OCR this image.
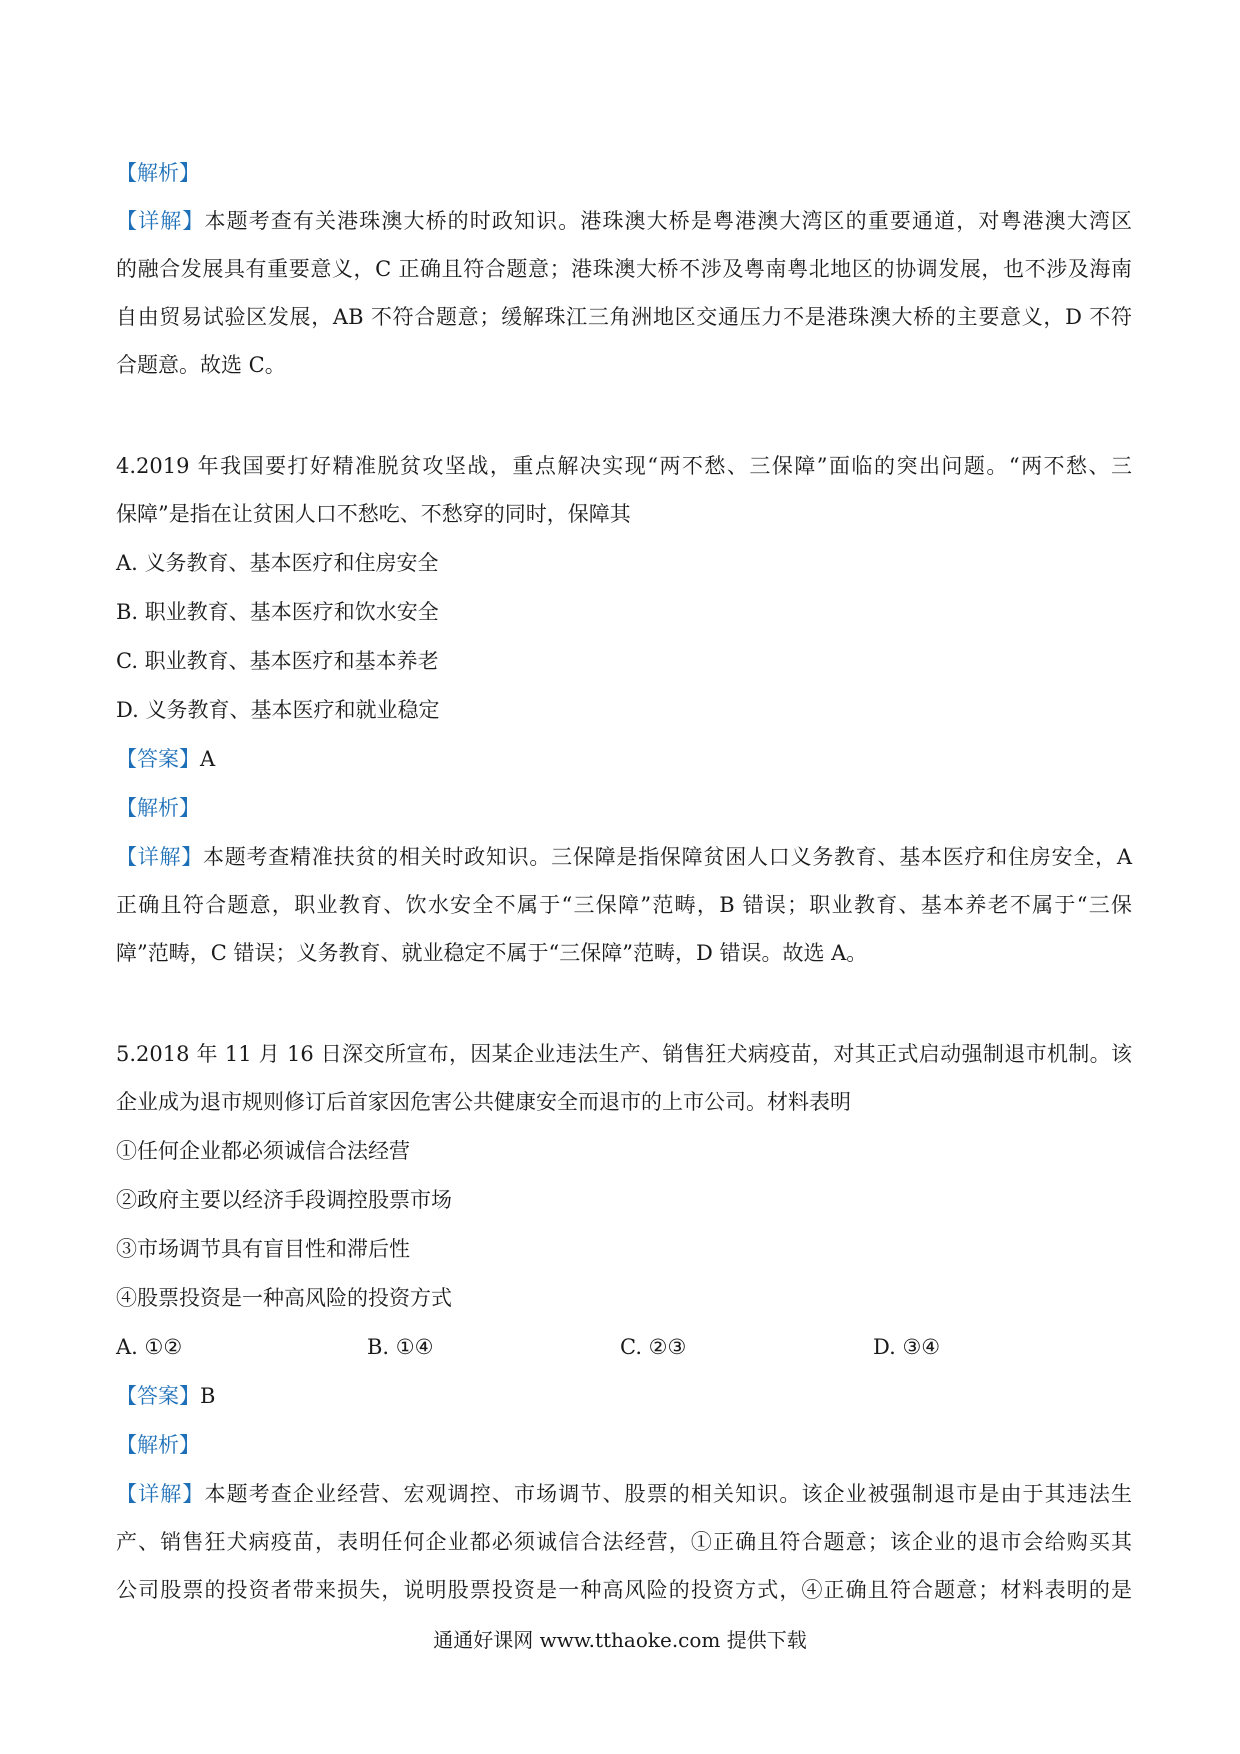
【解析】
【详解】本题考查有关港珠澳大桥的时政知识。港珠澳大桥是粤港澳大湾区的重要通道，对粤港澳大湾区
的融合发展具有重要意义，C 正确且符合题意；港珠澳大桥不涉及粤南粤北地区的协调发展，也不涉及海南
自由贸易试验区发展，AB 不符合题意；缓解珠江三角洲地区交通压力不是港珠澳大桥的主要意义，D 不符
合题意。故选 C。
4.2019 年我国要打好精准脱贫攻坚战，重点解决实现“两不愁、三保障”面临的突出问题。“两不愁、三
保障”是指在让贫困人口不愁吃、不愁穿的同时，保障其
A. 义务教育、基本医疗和住房安全
B. 职业教育、基本医疗和饮水安全
C. 职业教育、基本医疗和基本养老
D. 义务教育、基本医疗和就业稳定
【答案】A
【解析】
【详解】本题考查精准扶贫的相关时政知识。三保障是指保障贫困人口义务教育、基本医疗和住房安全，A
正确且符合题意，职业教育、饮水安全不属于“三保障”范畴，B 错误；职业教育、基本养老不属于“三保
障”范畴，C 错误；义务教育、就业稳定不属于“三保障”范畴，D 错误。故选 A。
5.2018 年 11 月 16 日深交所宣布，因某企业违法生产、销售狂犬病疫苗，对其正式启动强制退市机制。该
企业成为退市规则修订后首家因危害公共健康安全而退市的上市公司。材料表明
①任何企业都必须诚信合法经营
②政府主要以经济手段调控股票市场
③市场调节具有盲目性和滞后性
④股票投资是一种高风险的投资方式
A. ①②	B. ①④	C. ②③	D. ③④
【答案】B
【解析】
【详解】本题考查企业经营、宏观调控、市场调节、股票的相关知识。该企业被强制退市是由于其违法生
产、销售狂犬病疫苗，表明任何企业都必须诚信合法经营，①正确且符合题意；该企业的退市会给购买其
公司股票的投资者带来损失，说明股票投资是一种高风险的投资方式，④正确且符合题意；材料表明的是
通通好课网 www.tthaoke.com 提供下载
